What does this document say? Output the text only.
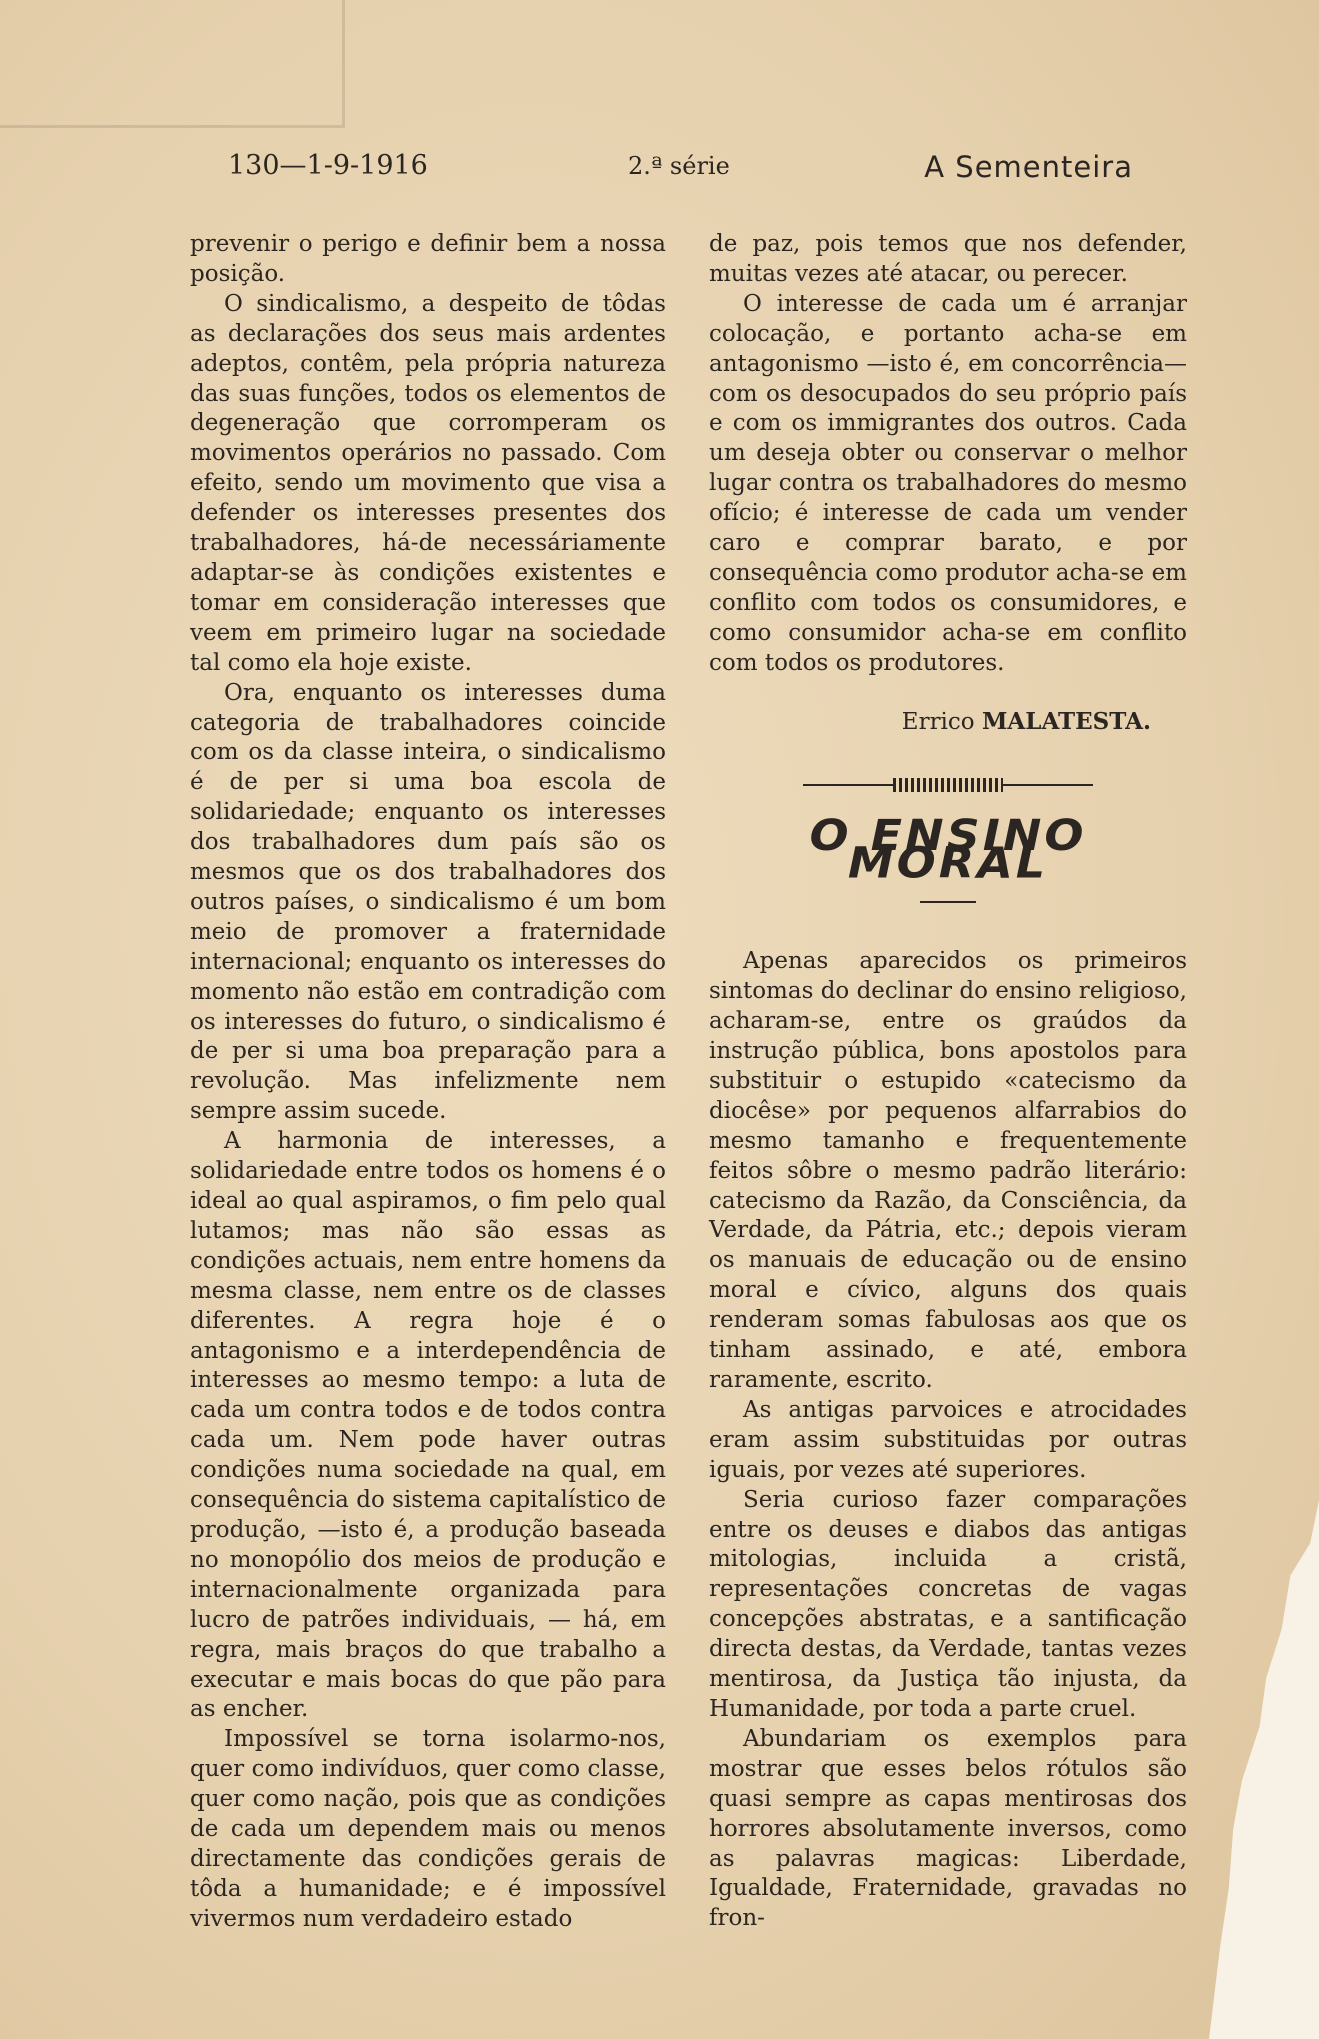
130—1-9-1916	2.ª série	A Sementeira

prevenir o perigo e definir bem a nossa posição.

O sindicalismo, a despeito de tôdas as declarações dos seus mais ardentes adeptos, contêm, pela própria natureza das suas funções, todos os elementos de degeneração que corromperam os movimentos operários no passado. Com efeito, sendo um movimento que visa a defender os interesses presentes dos trabalhadores, há-de necessáriamente adaptar-se às condições existentes e tomar em consideração interesses que veem em primeiro lugar na sociedade tal como ela hoje existe.

Ora, enquanto os interesses duma categoria de trabalhadores coincide com os da classe inteira, o sindicalismo é de per si uma boa escola de solidariedade; enquanto os interesses dos trabalhadores dum país são os mesmos que os dos trabalhadores dos outros países, o sindicalismo é um bom meio de promover a fraternidade internacional; enquanto os interesses do momento não estão em contradição com os interesses do futuro, o sindicalismo é de per si uma boa preparação para a revolução. Mas infelizmente nem sempre assim sucede.

A harmonia de interesses, a solidariedade entre todos os homens é o ideal ao qual aspiramos, o fim pelo qual lutamos; mas não são essas as condições actuais, nem entre homens da mesma classe, nem entre os de classes diferentes. A regra hoje é o antagonismo e a interdependência de interesses ao mesmo tempo: a luta de cada um contra todos e de todos contra cada um. Nem pode haver outras condições numa sociedade na qual, em consequência do sistema capitalístico de produção, —isto é, a produção baseada no monopólio dos meios de produção e internacionalmente organizada para lucro de patrões individuais, — há, em regra, mais braços do que trabalho a executar e mais bocas do que pão para as encher.

Impossível se torna isolarmo-nos, quer como indivíduos, quer como classe, quer como nação, pois que as condições de cada um dependem mais ou menos directamente das condições gerais de tôda a humanidade; e é impossível vivermos num verdadeiro estado

de paz, pois temos que nos defender, muitas vezes até atacar, ou perecer.

O interesse de cada um é arranjar colocação, e portanto acha-se em antagonismo —isto é, em concorrência— com os desocupados do seu próprio país e com os immigrantes dos outros. Cada um deseja obter ou conservar o melhor lugar contra os trabalhadores do mesmo ofício; é interesse de cada um vender caro e comprar barato, e por consequência como produtor acha-se em conflito com todos os consumidores, e como consumidor acha-se em conflito com todos os produtores.

Errico MALATESTA.
O ENSINO MORAL

Apenas aparecidos os primeiros sintomas do declinar do ensino religioso, acharam-se, entre os graúdos da instrução pública, bons apostolos para substituir o estupido «catecismo da diocêse» por pequenos alfarrabios do mesmo tamanho e frequentemente feitos sôbre o mesmo padrão literário: catecismo da Razão, da Consciência, da Verdade, da Pátria, etc.; depois vieram os manuais de educação ou de ensino moral e cívico, alguns dos quais renderam somas fabulosas aos que os tinham assinado, e até, embora raramente, escrito.

As antigas parvoices e atrocidades eram assim substituidas por outras iguais, por vezes até superiores.

Seria curioso fazer comparações entre os deuses e diabos das antigas mitologias, incluida a cristã, representações concretas de vagas concepções abstratas, e a santificação directa destas, da Verdade, tantas vezes mentirosa, da Justiça tão injusta, da Humanidade, por toda a parte cruel.

Abundariam os exemplos para mostrar que esses belos rótulos são quasi sempre as capas mentirosas dos horrores absolutamente inversos, como as palavras magicas: Liberdade, Igualdade, Fraternidade, gravadas no fron-
